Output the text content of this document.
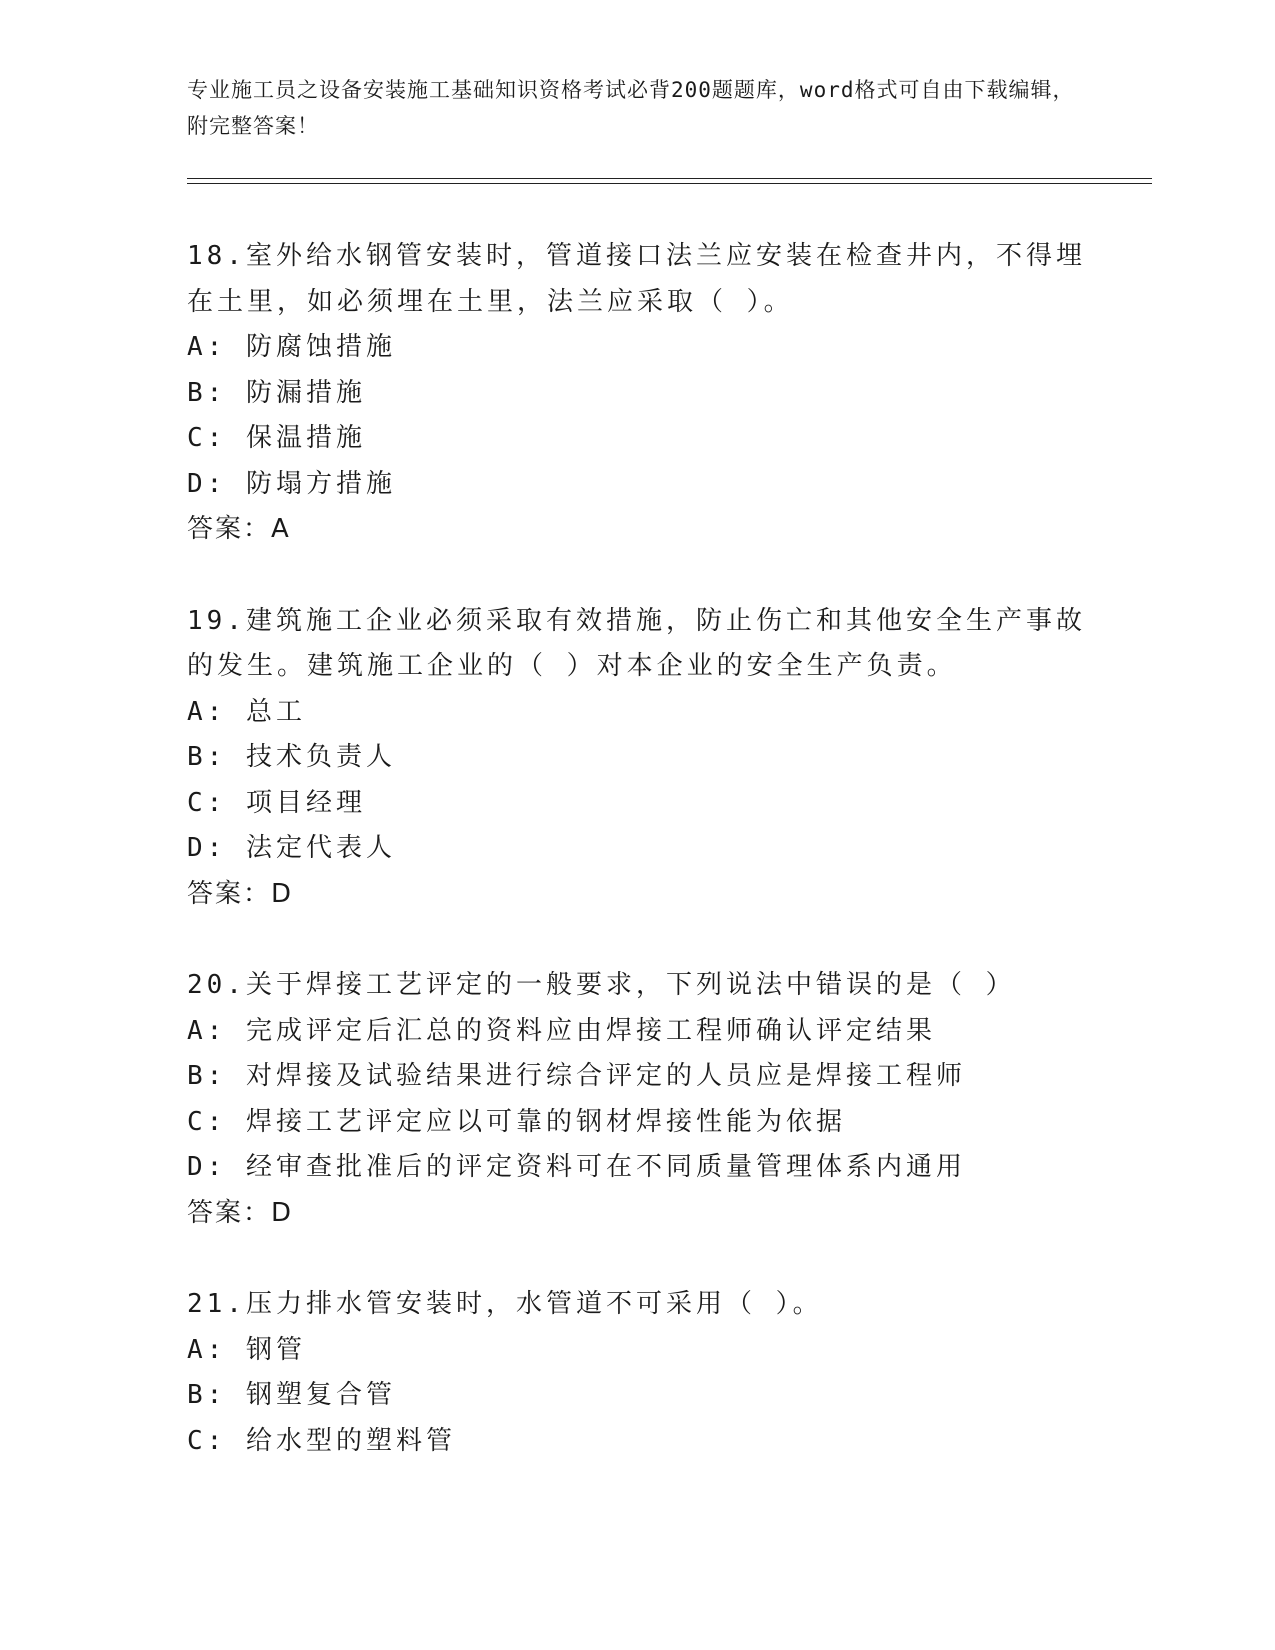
专业施工员之设备安装施工基础知识资格考试必背200题题库，word格式可自由下载编辑，附完整答案！
18.室外给水钢管安装时，管道接口法兰应安装在检查井内，不得埋在土里，如必须埋在土里，法兰应采取（ ）。
A: 防腐蚀措施
B: 防漏措施
C: 保温措施
D: 防塌方措施
答案：A
19.建筑施工企业必须采取有效措施，防止伤亡和其他安全生产事故的发生。建筑施工企业的（ ）对本企业的安全生产负责。
A: 总工
B: 技术负责人
C: 项目经理
D: 法定代表人
答案：D
20.关于焊接工艺评定的一般要求，下列说法中错误的是（ ）
A: 完成评定后汇总的资料应由焊接工程师确认评定结果
B: 对焊接及试验结果进行综合评定的人员应是焊接工程师
C: 焊接工艺评定应以可靠的钢材焊接性能为依据
D: 经审查批准后的评定资料可在不同质量管理体系内通用
答案：D
21.压力排水管安装时，水管道不可采用（ ）。
A: 钢管
B: 钢塑复合管
C: 给水型的塑料管
